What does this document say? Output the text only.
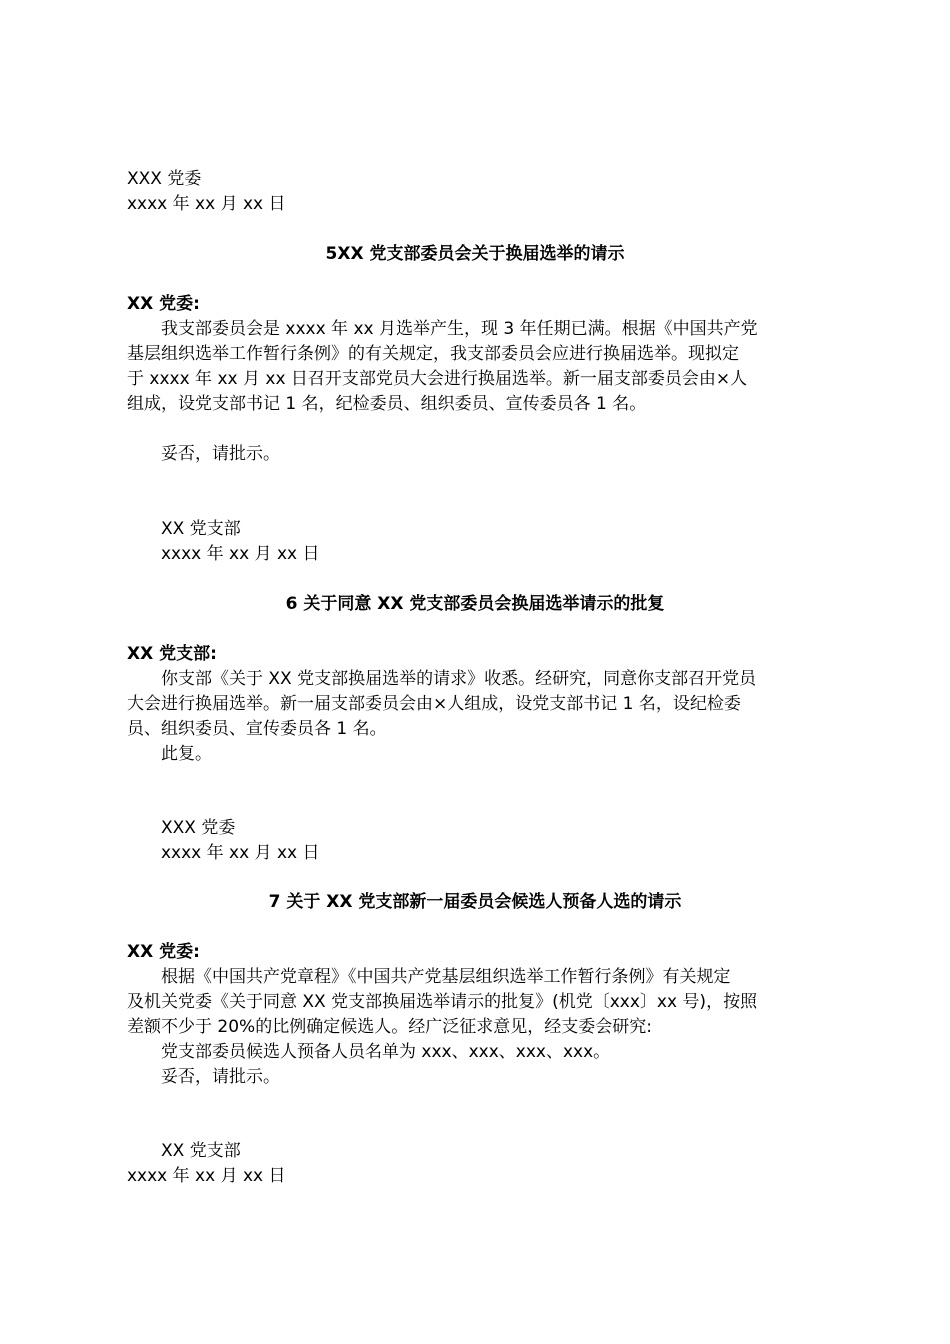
XXX 党委
xxxx 年 xx 月 xx 日
5XX 党支部委员会关于换届选举的请示
XX 党委:
我支部委员会是 xxxx 年 xx 月选举产生，现 3 年任期已满。根据《中国共产党
基层组织选举工作暂行条例》的有关规定，我支部委员会应进行换届选举。现拟定
于 xxxx 年 xx 月 xx 日召开支部党员大会进行换届选举。新一届支部委员会由×人
组成，设党支部书记 1 名，纪检委员、组织委员、宣传委员各 1 名。
妥否，请批示。
XX 党支部
xxxx 年 xx 月 xx 日
6 关于同意 XX 党支部委员会换届选举请示的批复
XX 党支部:
你支部《关于 XX 党支部换届选举的请求》收悉。经研究，同意你支部召开党员
大会进行换届选举。新一届支部委员会由×人组成，设党支部书记 1 名，设纪检委
员、组织委员、宣传委员各 1 名。
此复。
XXX 党委
xxxx 年 xx 月 xx 日
7 关于 XX 党支部新一届委员会候选人预备人选的请示
XX 党委:
根据《中国共产党章程》《中国共产党基层组织选举工作暂行条例》有关规定
及机关党委《关于同意 XX 党支部换届选举请示的批复》(机党〔xxx〕xx 号)，按照
差额不少于 20%的比例确定候选人。经广泛征求意见，经支委会研究:
党支部委员候选人预备人员名单为 xxx、xxx、xxx、xxx。
妥否，请批示。
XX 党支部
xxxx 年 xx 月 xx 日
